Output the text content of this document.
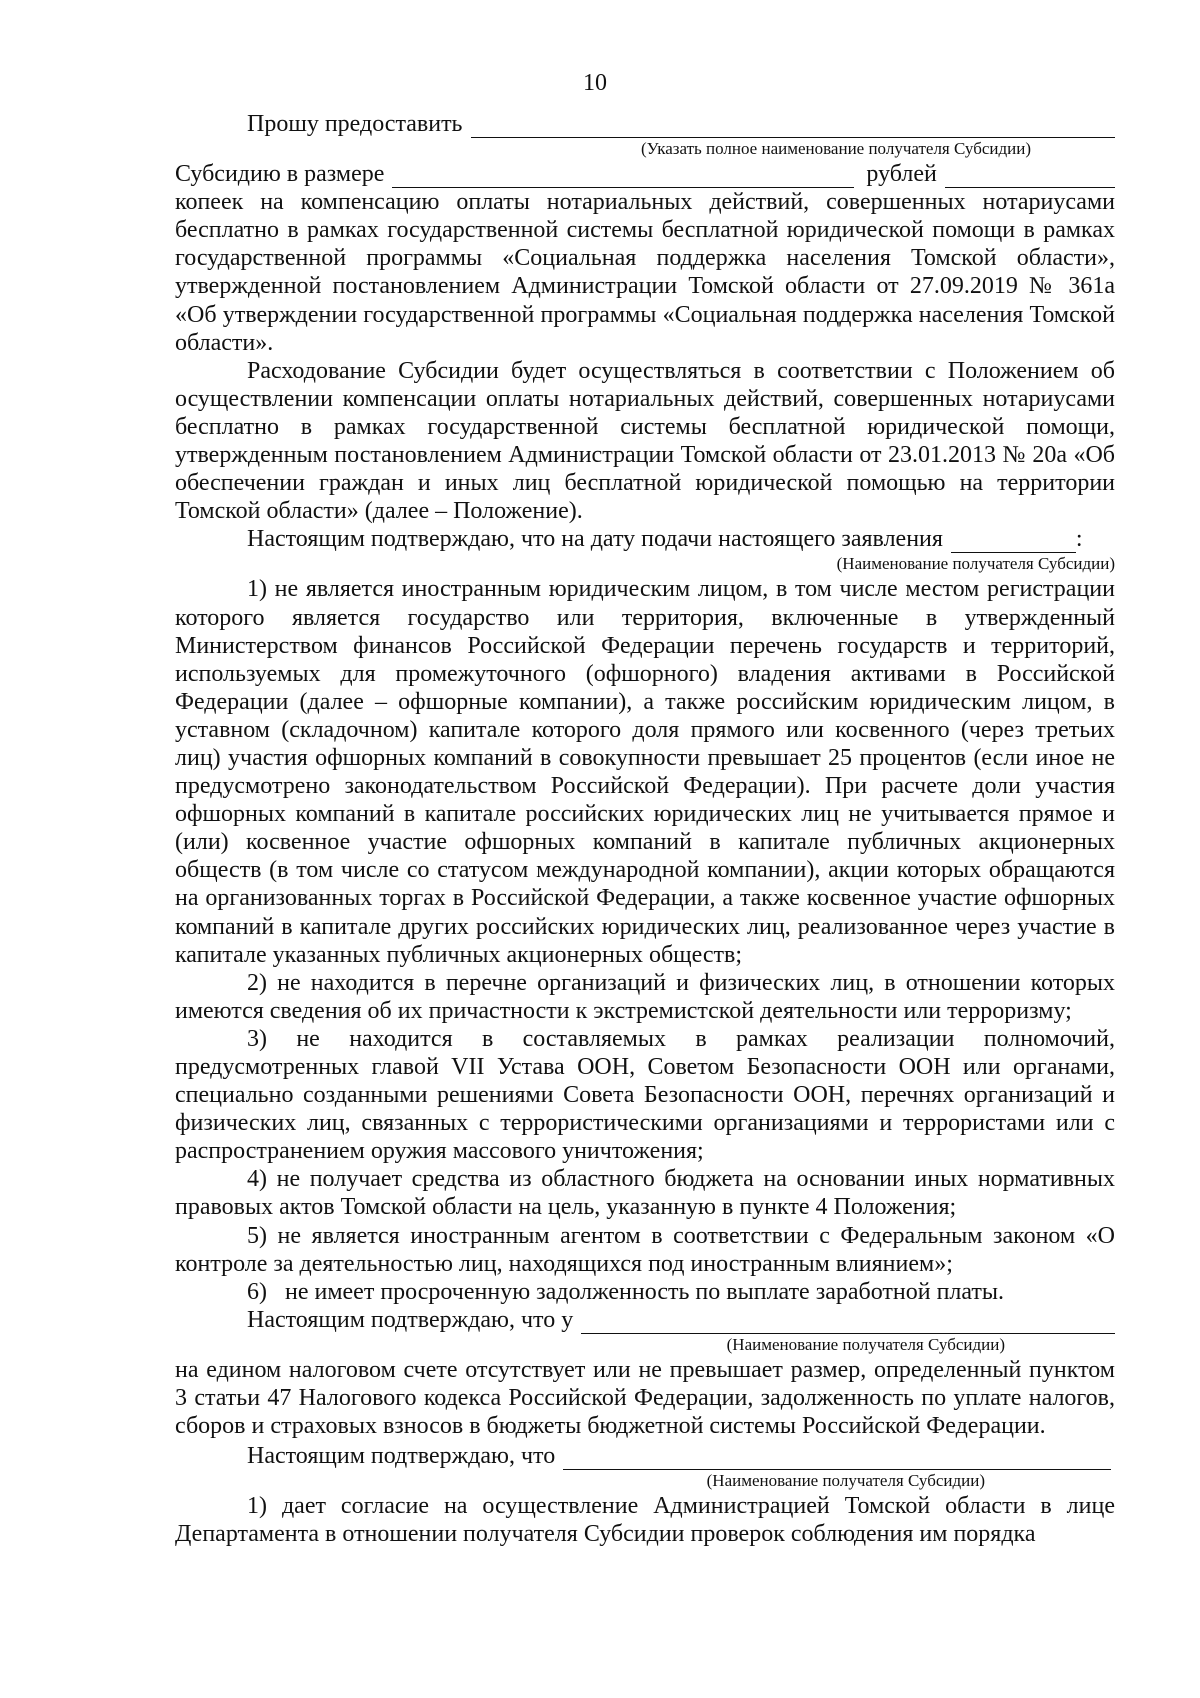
10
Прошу предоставить
(Указать полное наименование получателя Субсидии)
Субсидию в размере	рублей

копеек на компенсацию оплаты нотариальных действий, совершенных нотариусами бесплатно в рамках государственной системы бесплатной юридической помощи в рамках государственной программы «Социальная поддержка населения Томской области», утвержденной постановлением Администрации Томской области от 27.09.2019 № 361а «Об утверждении государственной программы «Социальная поддержка населения Томской области».

Расходование Субсидии будет осуществляться в соответствии с Положением об осуществлении компенсации оплаты нотариальных действий, совершенных нотариусами бесплатно в рамках государственной системы бесплатной юридической помощи, утвержденным постановлением Администрации Томской области от 23.01.2013 № 20а «Об обеспечении граждан и иных лиц бесплатной юридической помощью на территории Томской области» (далее – Положение).

Настоящим подтверждаю, что на дату подачи настоящего заявления	:
(Наименование получателя Субсидии)

1) не является иностранным юридическим лицом, в том числе местом регистрации которого является государство или территория, включенные в утвержденный Министерством финансов Российской Федерации перечень государств и территорий, используемых для промежуточного (офшорного) владения активами в Российской Федерации (далее – офшорные компании), а также российским юридическим лицом, в уставном (складочном) капитале которого доля прямого или косвенного (через третьих лиц) участия офшорных компаний в совокупности превышает 25 процентов (если иное не предусмотрено законодательством Российской Федерации). При расчете доли участия офшорных компаний в капитале российских юридических лиц не учитывается прямое и (или) косвенное участие офшорных компаний в капитале публичных акционерных обществ (в том числе со статусом международной компании), акции которых обращаются на организованных торгах в Российской Федерации, а также косвенное участие офшорных компаний в капитале других российских юридических лиц, реализованное через участие в капитале указанных публичных акционерных обществ;

2) не находится в перечне организаций и физических лиц, в отношении которых имеются сведения об их причастности к экстремистской деятельности или терроризму;

3) не находится в составляемых в рамках реализации полномочий, предусмотренных главой VII Устава ООН, Советом Безопасности ООН или органами, специально созданными решениями Совета Безопасности ООН, перечнях организаций и физических лиц, связанных с террористическими организациями и террористами или с распространением оружия массового уничтожения;

4) не получает средства из областного бюджета на основании иных нормативных правовых актов Томской области на цель, указанную в пункте 4 Положения;

5) не является иностранным агентом в соответствии с Федеральным законом «О контроле за деятельностью лиц, находящихся под иностранным влиянием»;

6)   не имеет просроченную задолженность по выплате заработной платы.

Настоящим подтверждаю, что у
(Наименование получателя Субсидии)

на едином налоговом счете отсутствует или не превышает размер, определенный пунктом 3 статьи 47 Налогового кодекса Российской Федерации, задолженность по уплате налогов, сборов и страховых взносов в бюджеты бюджетной системы Российской Федерации.

Настоящим подтверждаю, что
(Наименование получателя Субсидии)

1) дает согласие на осуществление Администрацией Томской области в лице Департамента в отношении получателя Субсидии проверок соблюдения им порядка
